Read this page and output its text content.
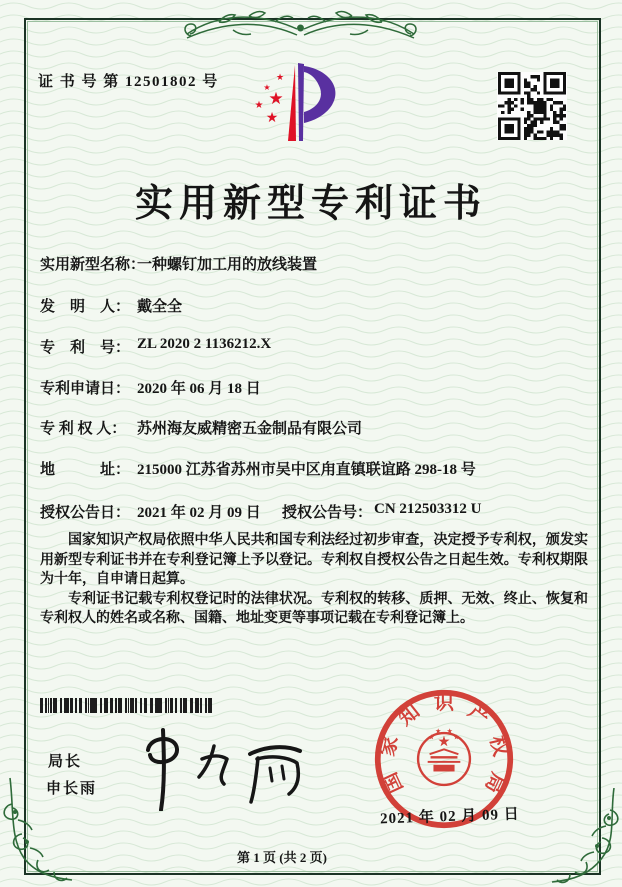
证 书 号 第 12501802 号	★
★
★
★
★
实用新型专利证书
实用新型名称：
一种螺钉加工用的放线装置
发　明　人： 戴全全
专　利　号： ZL 2020 2 1136212.X
专利申请日： 2020 年 06 月 18 日
专 利 权 人： 苏州海友威精密五金制品有限公司
地　　　址： 215000 江苏省苏州市吴中区甪直镇联谊路 298-18 号
授权公告日： 2021 年 02 月 09 日 授权公告号： CN 212503312 U

国家知识产权局依照中华人民共和国专利法经过初步审查，决定授予专利权，颁发实用新型专利证书并在专利登记簿上予以登记。专利权自授权公告之日起生效。专利权期限为十年，自申请日起算。

专利证书记载专利权登记时的法律状况。专利权的转移、质押、无效、终止、恢复和专利权人的姓名或名称、国籍、地址变更等事项记载在专利登记簿上。

局长
申长雨	国
家
知 识 产
权
局
★
★
★ ★
★
2021 年 02 月 09 日
第 1 页 (共 2 页)
